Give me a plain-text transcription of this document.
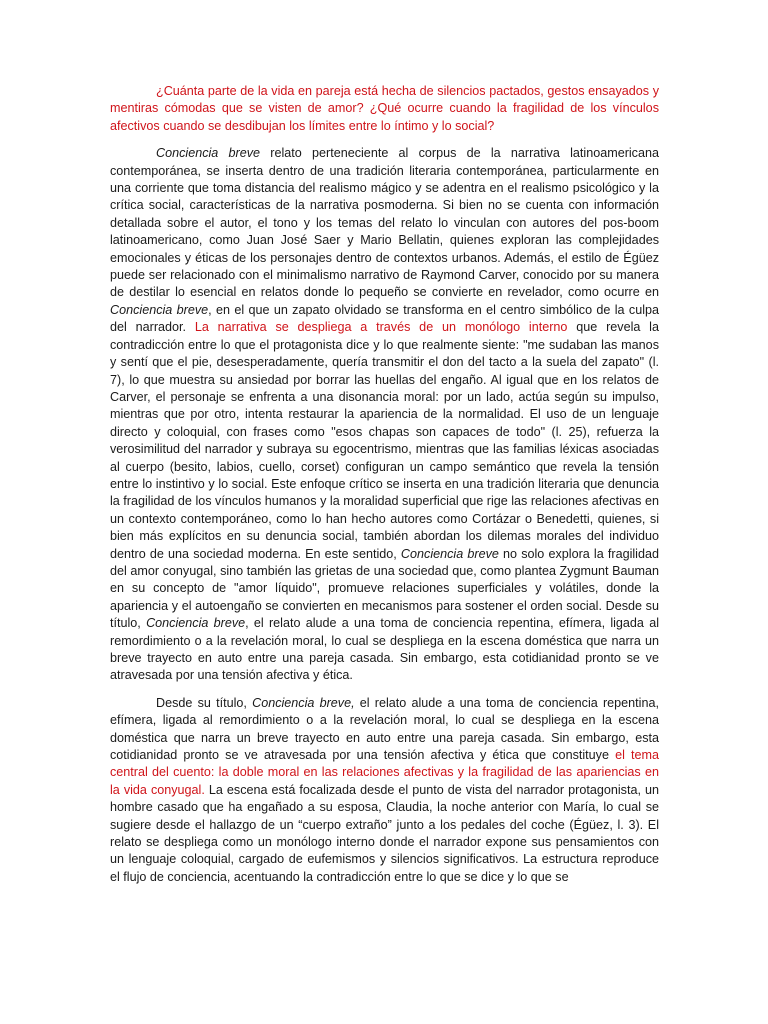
¿Cuánta parte de la vida en pareja está hecha de silencios pactados, gestos ensayados y mentiras cómodas que se visten de amor? ¿Qué ocurre cuando la fragilidad de los vínculos afectivos cuando se desdibujan los límites entre lo íntimo y lo social?

Conciencia breve relato perteneciente al corpus de la narrativa latinoamericana contemporánea, se inserta dentro de una tradición literaria contemporánea, particularmente en una corriente que toma distancia del realismo mágico y se adentra en el realismo psicológico y la crítica social, características de la narrativa posmoderna. Si bien no se cuenta con información detallada sobre el autor, el tono y los temas del relato lo vinculan con autores del pos-boom latinoamericano, como Juan José Saer y Mario Bellatin, quienes exploran las complejidades emocionales y éticas de los personajes dentro de contextos urbanos. Además, el estilo de Égüez puede ser relacionado con el minimalismo narrativo de Raymond Carver, conocido por su manera de destilar lo esencial en relatos donde lo pequeño se convierte en revelador, como ocurre en Conciencia breve, en el que un zapato olvidado se transforma en el centro simbólico de la culpa del narrador. La narrativa se despliega a través de un monólogo interno que revela la contradicción entre lo que el protagonista dice y lo que realmente siente: "me sudaban las manos y sentí que el pie, desesperadamente, quería transmitir el don del tacto a la suela del zapato" (l. 7), lo que muestra su ansiedad por borrar las huellas del engaño. Al igual que en los relatos de Carver, el personaje se enfrenta a una disonancia moral: por un lado, actúa según su impulso, mientras que por otro, intenta restaurar la apariencia de la normalidad. El uso de un lenguaje directo y coloquial, con frases como "esos chapas son capaces de todo" (l. 25), refuerza la verosimilitud del narrador y subraya su egocentrismo, mientras que las familias léxicas asociadas al cuerpo (besito, labios, cuello, corset) configuran un campo semántico que revela la tensión entre lo instintivo y lo social. Este enfoque crítico se inserta en una tradición literaria que denuncia la fragilidad de los vínculos humanos y la moralidad superficial que rige las relaciones afectivas en un contexto contemporáneo, como lo han hecho autores como Cortázar o Benedetti, quienes, si bien más explícitos en su denuncia social, también abordan los dilemas morales del individuo dentro de una sociedad moderna. En este sentido, Conciencia breve no solo explora la fragilidad del amor conyugal, sino también las grietas de una sociedad que, como plantea Zygmunt Bauman en su concepto de "amor líquido", promueve relaciones superficiales y volátiles, donde la apariencia y el autoengaño se convierten en mecanismos para sostener el orden social. Desde su título, Conciencia breve, el relato alude a una toma de conciencia repentina, efímera, ligada al remordimiento o a la revelación moral, lo cual se despliega en la escena doméstica que narra un breve trayecto en auto entre una pareja casada. Sin embargo, esta cotidianidad pronto se ve atravesada por una tensión afectiva y ética.

Desde su título, Conciencia breve, el relato alude a una toma de conciencia repentina, efímera, ligada al remordimiento o a la revelación moral, lo cual se despliega en la escena doméstica que narra un breve trayecto en auto entre una pareja casada. Sin embargo, esta cotidianidad pronto se ve atravesada por una tensión afectiva y ética que constituye el tema central del cuento: la doble moral en las relaciones afectivas y la fragilidad de las apariencias en la vida conyugal. La escena está focalizada desde el punto de vista del narrador protagonista, un hombre casado que ha engañado a su esposa, Claudia, la noche anterior con María, lo cual se sugiere desde el hallazgo de un “cuerpo extraño” junto a los pedales del coche (Égüez, l. 3). El relato se despliega como un monólogo interno donde el narrador expone sus pensamientos con un lenguaje coloquial, cargado de eufemismos y silencios significativos. La estructura reproduce el flujo de conciencia, acentuando la contradicción entre lo que se dice y lo que se
